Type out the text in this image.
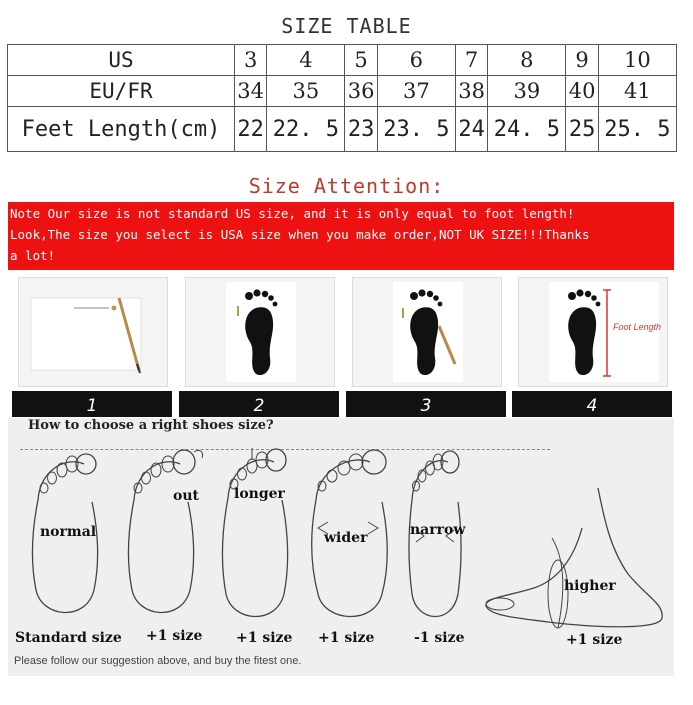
SIZE TABLE
US	3	4	5	6	7	8	9	10
EU/FR	34	35	36	37	38	39	40	41
Feet Length(cm)	22	22. 5	23	23. 5	24	24. 5	25	25. 5
Size Attention:
Note Our size is not standard US size, and it is only equal to foot length!
Look,The size you select is USA size when you make order,NOT UK SIZE!!!Thanks
a lot!
1	2	3
Foot Length
4
How to choose a right shoes size?
normal
out	longer
wider	narrow
higher
Standard size +1 size +1 size +1 size	-1 size	+1 size
Please follow our suggestion above, and buy the fitest one.
